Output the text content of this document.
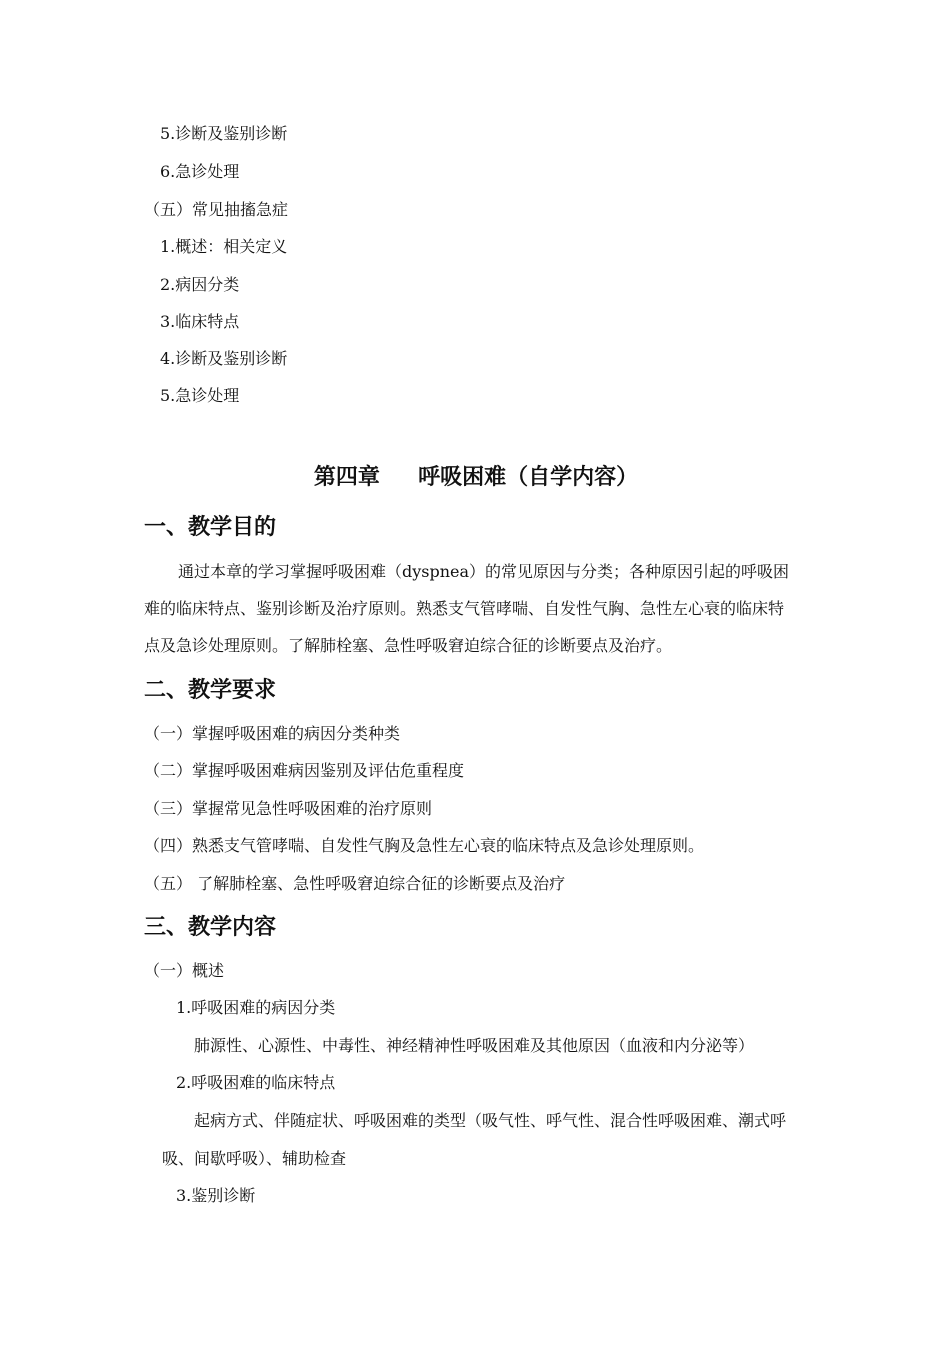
5.诊断及鉴别诊断
6.急诊处理
（五）常见抽搐急症
1.概述：相关定义
2.病因分类
3.临床特点
4.诊断及鉴别诊断
5.急诊处理
第四章     呼吸困难（自学内容）
一、教学目的
通过本章的学习掌握呼吸困难（dyspnea）的常见原因与分类；各种原因引起的呼吸困
难的临床特点、鉴别诊断及治疗原则。熟悉支气管哮喘、自发性气胸、急性左心衰的临床特
点及急诊处理原则。了解肺栓塞、急性呼吸窘迫综合征的诊断要点及治疗。
二、教学要求
（一）掌握呼吸困难的病因分类种类
（二）掌握呼吸困难病因鉴别及评估危重程度
（三）掌握常见急性呼吸困难的治疗原则
（四）熟悉支气管哮喘、自发性气胸及急性左心衰的临床特点及急诊处理原则。
（五） 了解肺栓塞、急性呼吸窘迫综合征的诊断要点及治疗
三、教学内容
（一）概述
1.呼吸困难的病因分类
肺源性、心源性、中毒性、神经精神性呼吸困难及其他原因（血液和内分泌等）
2.呼吸困难的临床特点
起病方式、伴随症状、呼吸困难的类型（吸气性、呼气性、混合性呼吸困难、潮式呼
吸、间歇呼吸）、辅助检查
3.鉴别诊断
